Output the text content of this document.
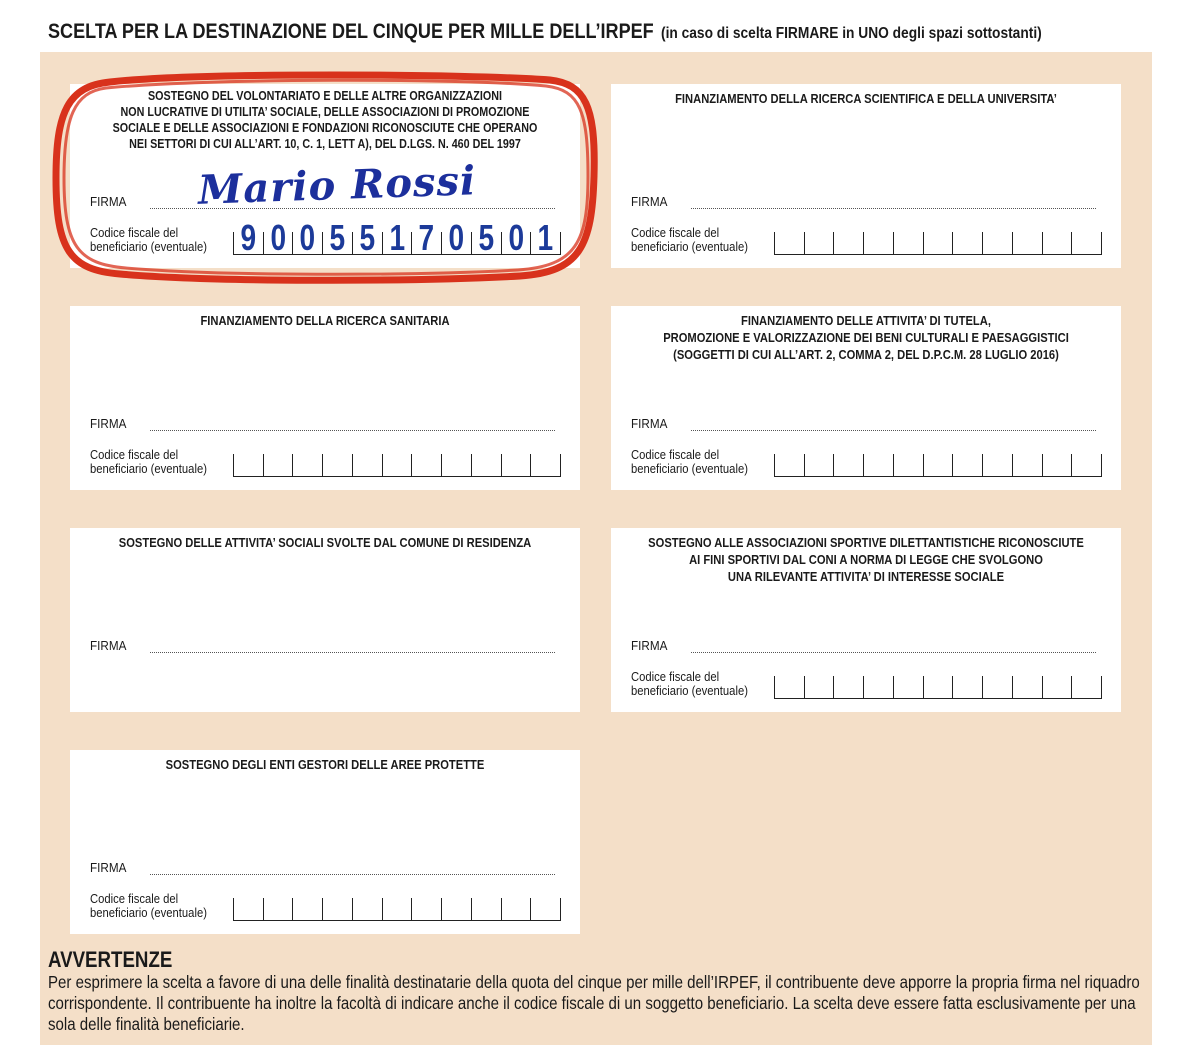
SCELTA PER LA DESTINAZIONE DEL CINQUE PER MILLE DELL’IRPEF (in caso di scelta FIRMARE in UNO degli spazi sottostanti)
SOSTEGNO DEL VOLONTARIATO E DELLE ALTRE ORGANIZZAZIONI
NON LUCRATIVE DI UTILITA’ SOCIALE, DELLE ASSOCIAZIONI DI PROMOZIONE
SOCIALE E DELLE ASSOCIAZIONI E FONDAZIONI RICONOSCIUTE CHE OPERANO
NEI SETTORI DI CUI ALL’ART. 10, C. 1, LETT A), DEL D.LGS. N. 460 DEL 1997
FIRMA
Codice fiscale del
beneficiario (eventuale) 9 0 0 5 5 1 7 0 5 0 1
FINANZIAMENTO DELLA RICERCA SCIENTIFICA E DELLA UNIVERSITA’
FIRMA
Codice fiscale del
beneficiario (eventuale)
FINANZIAMENTO DELLA RICERCA SANITARIA
FIRMA
Codice fiscale del
beneficiario (eventuale)
FINANZIAMENTO DELLE ATTIVITA’ DI TUTELA,
PROMOZIONE E VALORIZZAZIONE DEI BENI CULTURALI E PAESAGGISTICI
(SOGGETTI DI CUI ALL’ART. 2, COMMA 2, DEL D.P.C.M. 28 LUGLIO 2016)
FIRMA
Codice fiscale del
beneficiario (eventuale)
SOSTEGNO DELLE ATTIVITA’ SOCIALI SVOLTE DAL COMUNE DI RESIDENZA
FIRMA
SOSTEGNO ALLE ASSOCIAZIONI SPORTIVE DILETTANTISTICHE RICONOSCIUTE
AI FINI SPORTIVI DAL CONI A NORMA DI LEGGE CHE SVOLGONO
UNA RILEVANTE ATTIVITA’ DI INTERESSE SOCIALE
FIRMA
Codice fiscale del
beneficiario (eventuale)
SOSTEGNO DEGLI ENTI GESTORI DELLE AREE PROTETTE
FIRMA
Codice fiscale del
beneficiario (eventuale)
Mario Rossi
AVVERTENZE
Per esprimere la scelta a favore di una delle finalità destinatarie della quota del cinque per mille dell’IRPEF, il contribuente deve apporre la propria firma nel riquadro corrispondente. Il contribuente ha inoltre la facoltà di indicare anche il codice fiscale di un soggetto beneficiario. La scelta deve essere fatta esclusivamente per una sola delle finalità beneficiarie.
